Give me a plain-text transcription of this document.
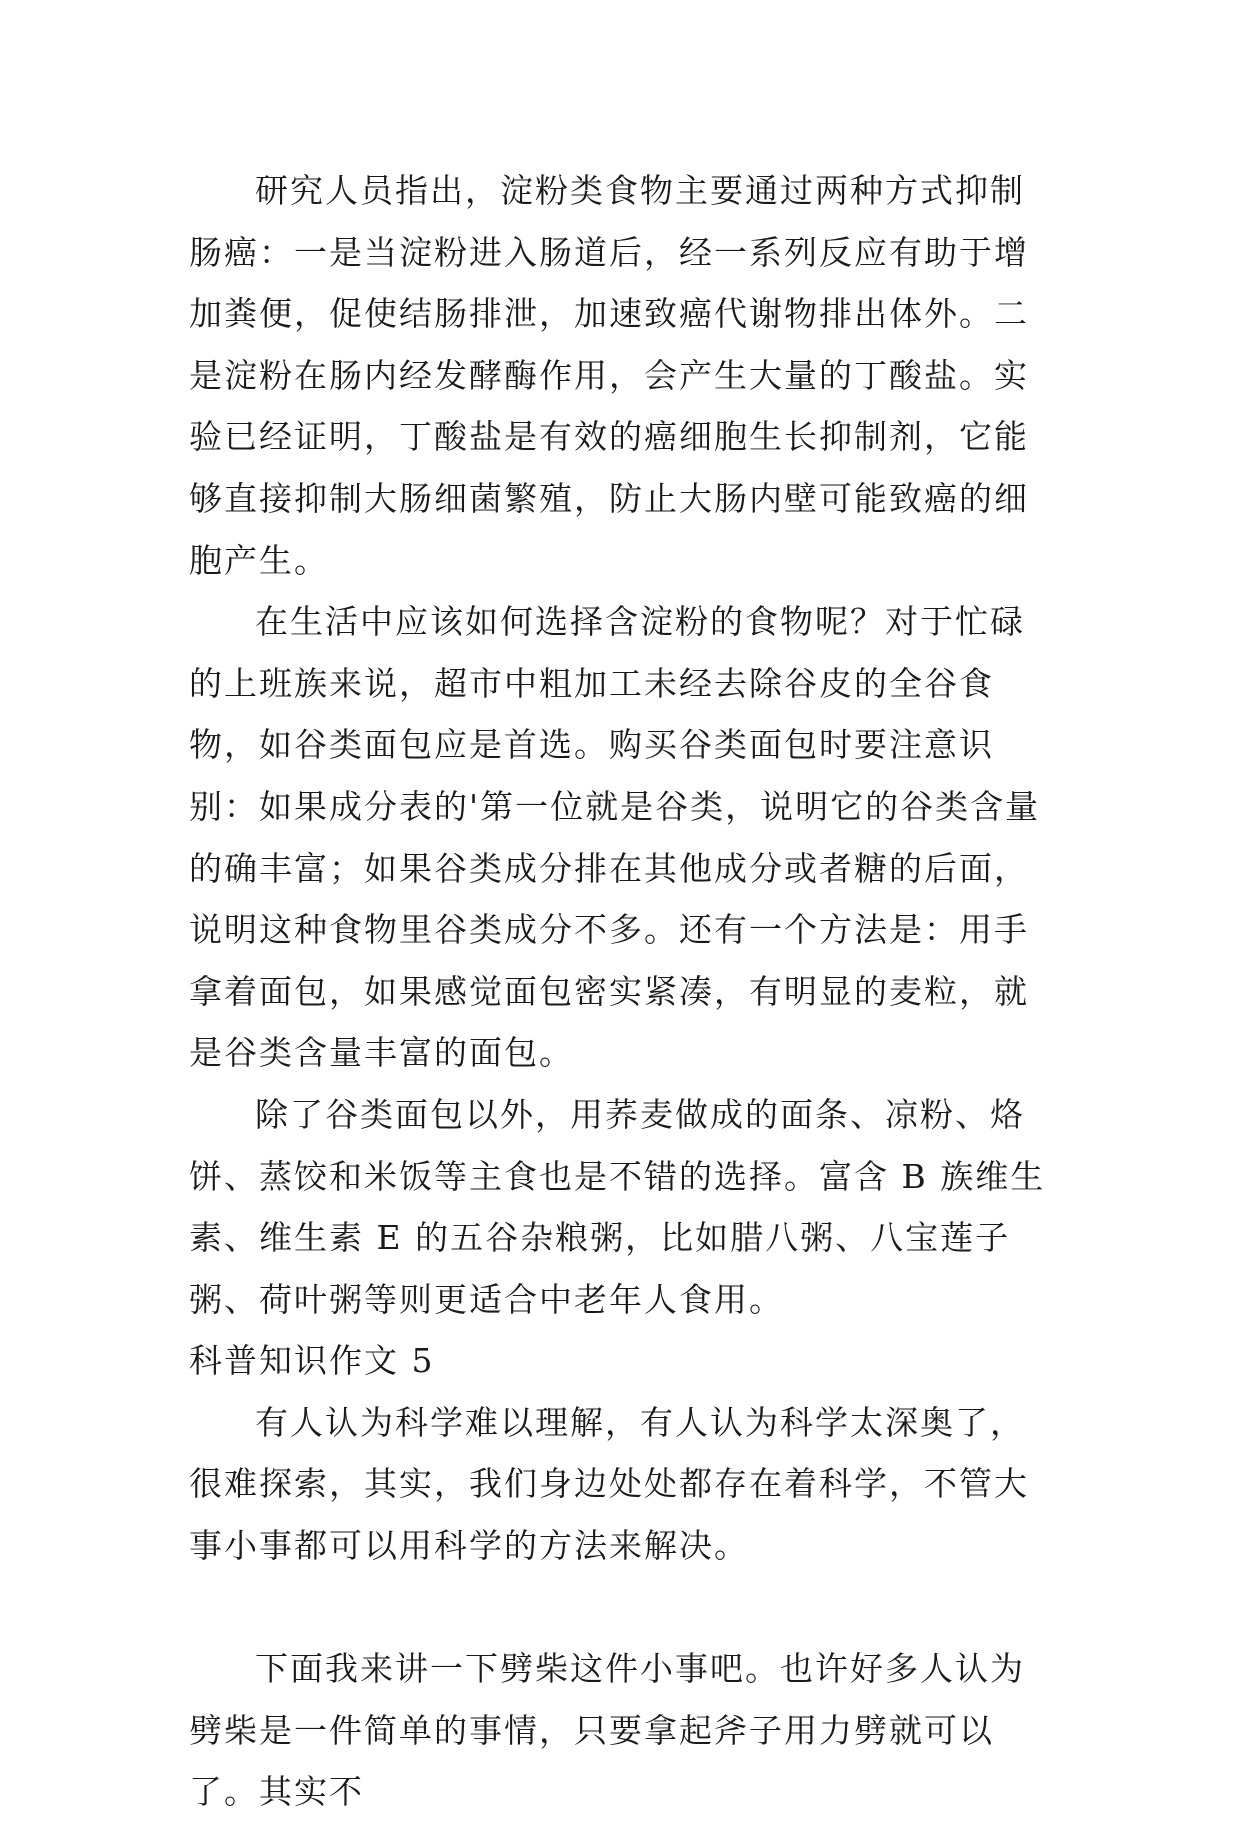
研究人员指出，淀粉类食物主要通过两种方式抑制肠癌：一是当淀粉进入肠道后，经一系列反应有助于增加粪便，促使结肠排泄，加速致癌代谢物排出体外。二是淀粉在肠内经发酵酶作用，会产生大量的丁酸盐。实验已经证明，丁酸盐是有效的癌细胞生长抑制剂，它能够直接抑制大肠细菌繁殖，防止大肠内壁可能致癌的细胞产生。

在生活中应该如何选择含淀粉的食物呢？对于忙碌的上班族来说，超市中粗加工未经去除谷皮的全谷食物，如谷类面包应是首选。购买谷类面包时要注意识别：如果成分表的'第一位就是谷类，说明它的谷类含量的确丰富；如果谷类成分排在其他成分或者糖的后面，说明这种食物里谷类成分不多。还有一个方法是：用手拿着面包，如果感觉面包密实紧凑，有明显的麦粒，就是谷类含量丰富的面包。

除了谷类面包以外，用荞麦做成的面条、凉粉、烙饼、蒸饺和米饭等主食也是不错的选择。富含 B 族维生素、维生素 E 的五谷杂粮粥，比如腊八粥、八宝莲子粥、荷叶粥等则更适合中老年人食用。

科普知识作文 5

有人认为科学难以理解，有人认为科学太深奥了，很难探索，其实，我们身边处处都存在着科学，不管大事小事都可以用科学的方法来解决。

下面我来讲一下劈柴这件小事吧。也许好多人认为劈柴是一件简单的事情，只要拿起斧子用力劈就可以了。其实不
